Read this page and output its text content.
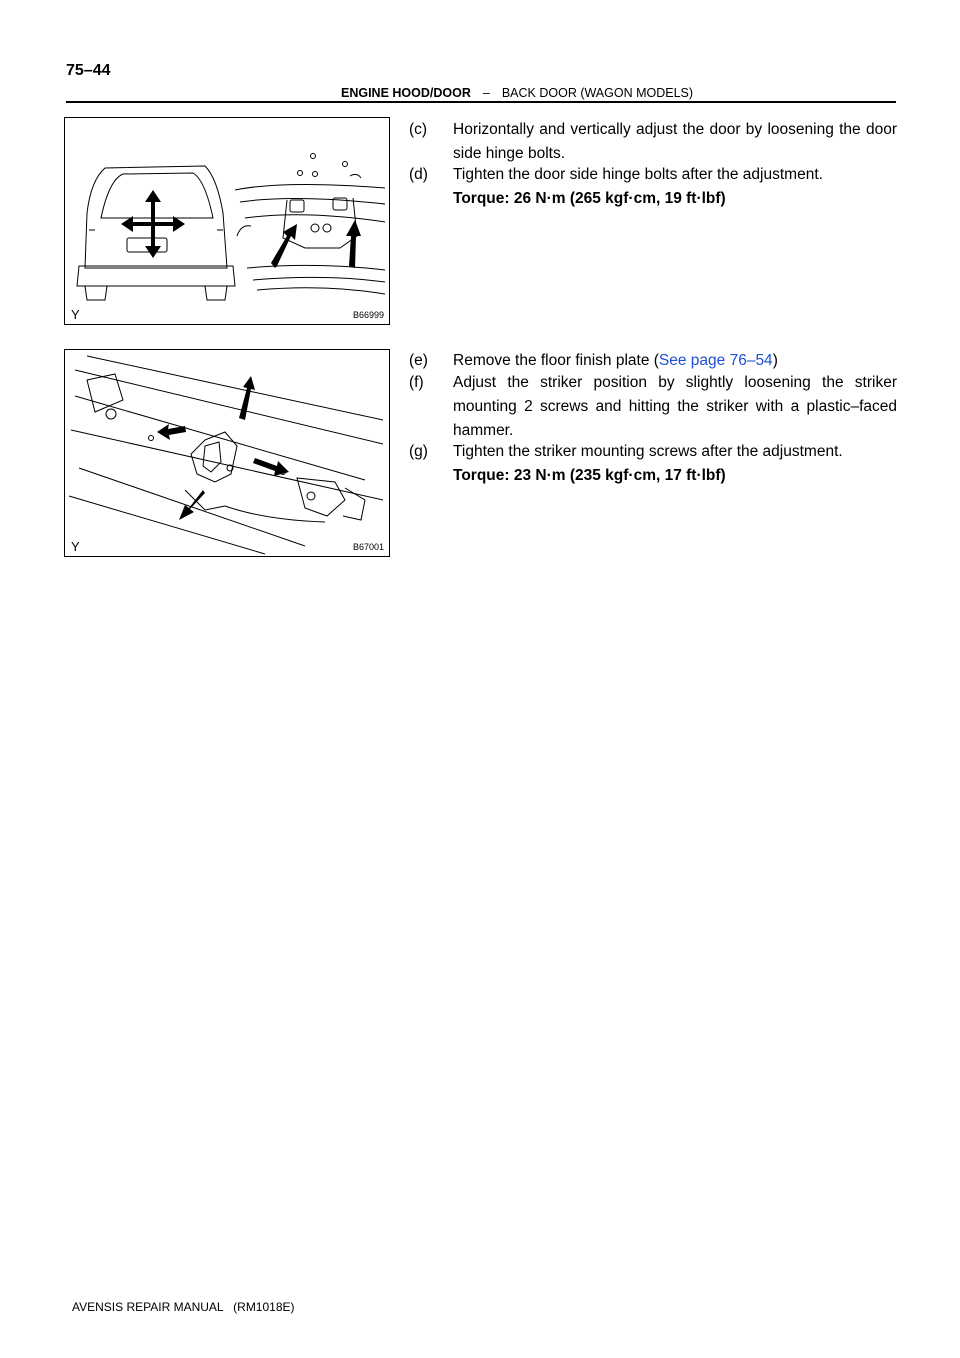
75–44
ENGINE HOOD/DOOR – BACK DOOR (WAGON MODELS)
Y	B66999
Y	B67001
(c) Horizontally and vertically adjust the door by loosening the door side hinge bolts.
(d) Tighten the door side hinge bolts after the adjustment.
Torque: 26 N·m (265 kgf·cm, 19 ft·lbf)
(e) Remove the floor finish plate (See page 76–54)
(f) Adjust the striker position by slightly loosening the striker mounting 2 screws and hitting the striker with a plastic–faced hammer.
(g) Tighten the striker mounting screws after the adjustment.
Torque: 23 N·m (235 kgf·cm, 17 ft·lbf)
AVENSIS REPAIR MANUAL   (RM1018E)
